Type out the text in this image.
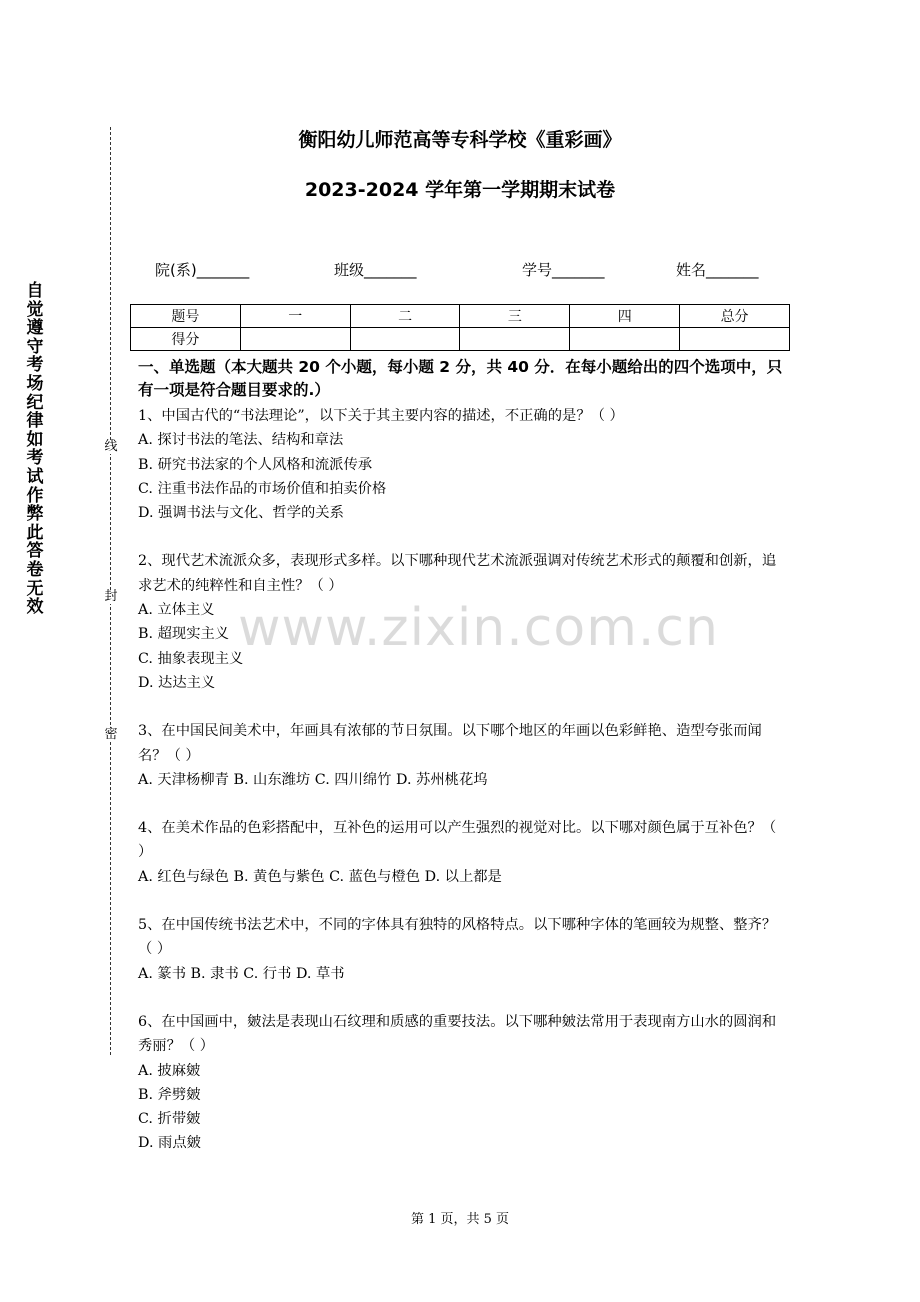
自觉遵守考场纪律如考试作弊此答卷无效
线
封
密
衡阳幼儿师范高等专科学校《重彩画》
2023-2024 学年第一学期期末试卷
院(系)_______	班级_______	学号_______	姓名_______
题号	一	二	三	四	总分
得分					

一、单选题（本大题共 20 个小题，每小题 2 分，共 40 分．在每小题给出的四个选项中，只有一项是符合题目要求的.）

1、中国古代的“书法理论”，以下关于其主要内容的描述，不正确的是？（ ）

A. 探讨书法的笔法、结构和章法

B. 研究书法家的个人风格和流派传承

C. 注重书法作品的市场价值和拍卖价格

D. 强调书法与文化、哲学的关系

2、现代艺术流派众多，表现形式多样。以下哪种现代艺术流派强调对传统艺术形式的颠覆和创新，追求艺术的纯粹性和自主性？（ ）

A. 立体主义

B. 超现实主义

C. 抽象表现主义

D. 达达主义

3、在中国民间美术中，年画具有浓郁的节日氛围。以下哪个地区的年画以色彩鲜艳、造型夸张而闻名？（ ）

A. 天津杨柳青 B. 山东潍坊 C. 四川绵竹 D. 苏州桃花坞

4、在美术作品的色彩搭配中，互补色的运用可以产生强烈的视觉对比。以下哪对颜色属于互补色？（ ）

A. 红色与绿色 B. 黄色与紫色 C. 蓝色与橙色 D. 以上都是

5、在中国传统书法艺术中，不同的字体具有独特的风格特点。以下哪种字体的笔画较为规整、整齐？（ ）

A. 篆书 B. 隶书 C. 行书 D. 草书

6、在中国画中，皴法是表现山石纹理和质感的重要技法。以下哪种皴法常用于表现南方山水的圆润和秀丽？（ ）

A. 披麻皴

B. 斧劈皴

C. 折带皴

D. 雨点皴

www.zixin.com.cn
第 1 页，共 5 页
